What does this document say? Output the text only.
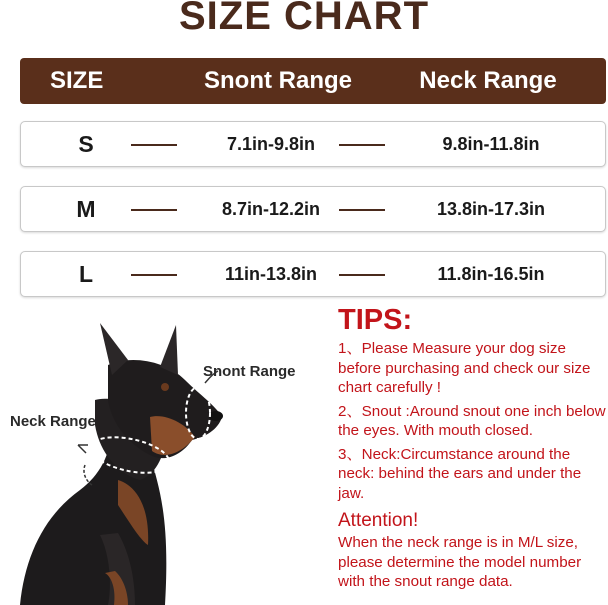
SIZE CHART
SIZE	Snont Range	Neck Range
S	7.1in-9.8in	9.8in-11.8in
M	8.7in-12.2in	13.8in-17.3in
L	11in-13.8in	11.8in-16.5in
Snont Range
Neck Range
TIPS:
1、Please Measure your dog size before purchasing and check our size chart carefully !
2、Snout :Around snout one inch below the eyes. With mouth closed.
3、Neck:Circumstance around the neck: behind the ears and under the jaw.
Attention!
When the neck range is in M/L size, please determine the model number with the snout range data.
